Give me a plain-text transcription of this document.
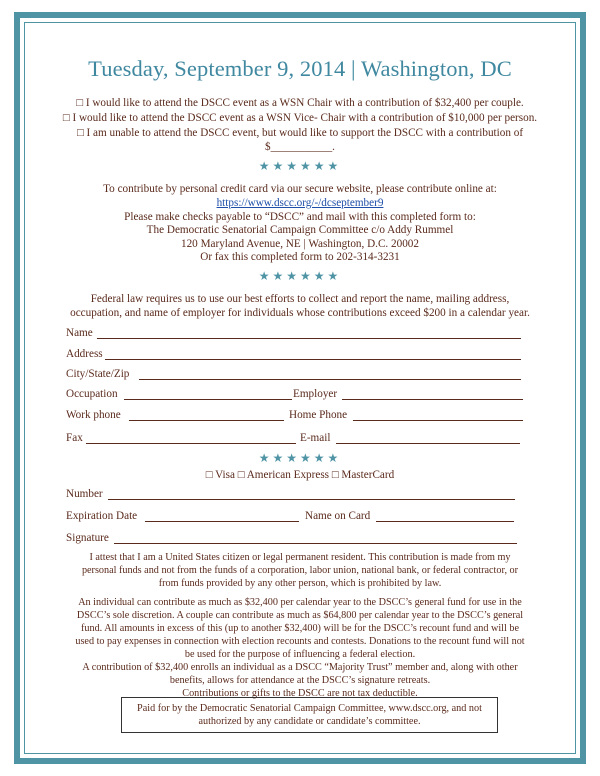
Tuesday, September 9, 2014 | Washington, DC
□ I would like to attend the DSCC event as a WSN Chair with a contribution of $32,400 per couple.
□ I would like to attend the DSCC event as a WSN Vice- Chair with a contribution of $10,000 per person.
□ I am unable to attend the DSCC event, but would like to support the DSCC with a contribution of
$___________.
★★★★★★
To contribute by personal credit card via our secure website, please contribute online at:
https://www.dscc.org/-/dcseptember9
Please make checks payable to “DSCC” and mail with this completed form to:
The Democratic Senatorial Campaign Committee c/o Addy Rummel
120 Maryland Avenue, NE | Washington, D.C. 20002
Or fax this completed form to 202-314-3231
★★★★★★
Federal law requires us to use our best efforts to collect and report the name, mailing address,
occupation, and name of employer for individuals whose contributions exceed $200 in a calendar year.
Name
Address
City/State/Zip
Occupation	Employer
Work phone	Home Phone
Fax	E-mail
★★★★★★
□ Visa □ American Express □ MasterCard
Number
Expiration Date	Name on Card
Signature
I attest that I am a United States citizen or legal permanent resident. This contribution is made from my
personal funds and not from the funds of a corporation, labor union, national bank, or federal contractor, or
from funds provided by any other person, which is prohibited by law.
An individual can contribute as much as $32,400 per calendar year to the DSCC’s general fund for use in the
DSCC’s sole discretion. A couple can contribute as much as $64,800 per calendar year to the DSCC’s general
fund. All amounts in excess of this (up to another $32,400) will be for the DSCC’s recount fund and will be
used to pay expenses in connection with election recounts and contests. Donations to the recount fund will not
be used for the purpose of influencing a federal election.
A contribution of $32,400 enrolls an individual as a DSCC “Majority Trust” member and, along with other
benefits, allows for attendance at the DSCC’s signature retreats.
Contributions or gifts to the DSCC are not tax deductible.
Paid for by the Democratic Senatorial Campaign Committee, www.dscc.org, and not
authorized by any candidate or candidate’s committee.
